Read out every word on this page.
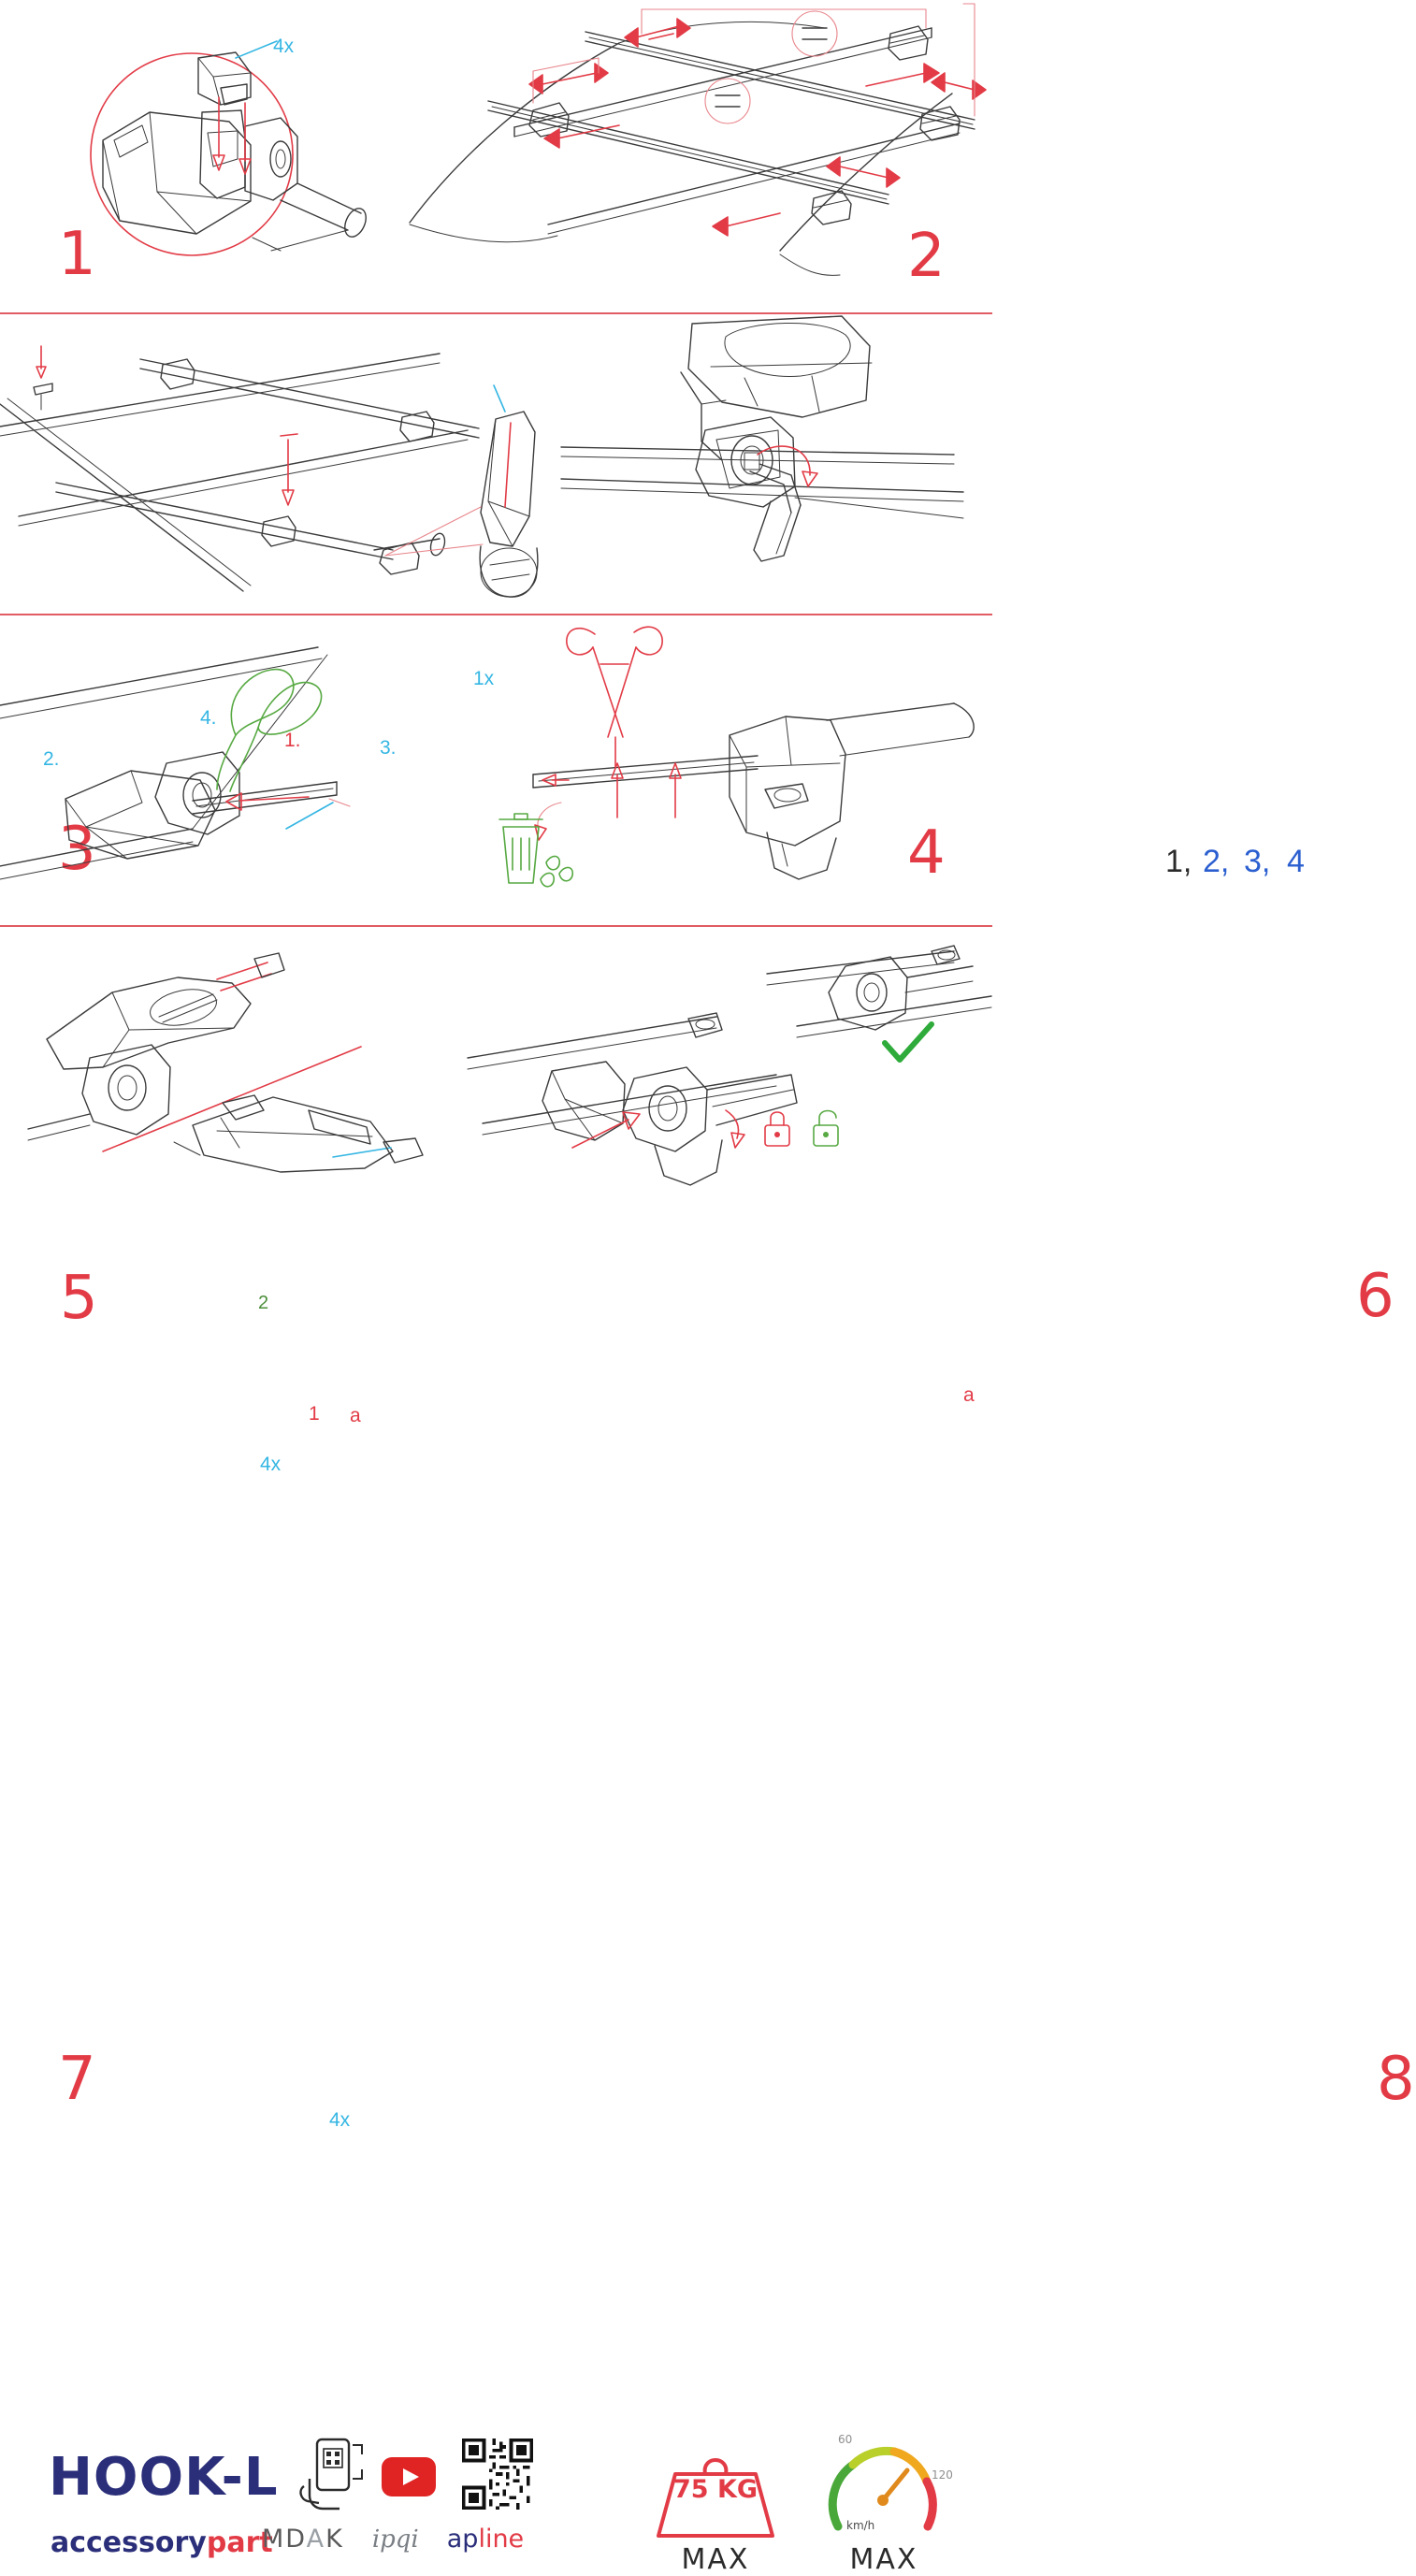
4x
1	2
4.
3.
2.
1.
1x
3	1, 2, 3, 4
4
5	2
1 a
4x
a
6
4x
7	8
HOOK-L
accessorypart
MDAK ipqi apline
75 KG
MAX
60
120
km/h
MAX
